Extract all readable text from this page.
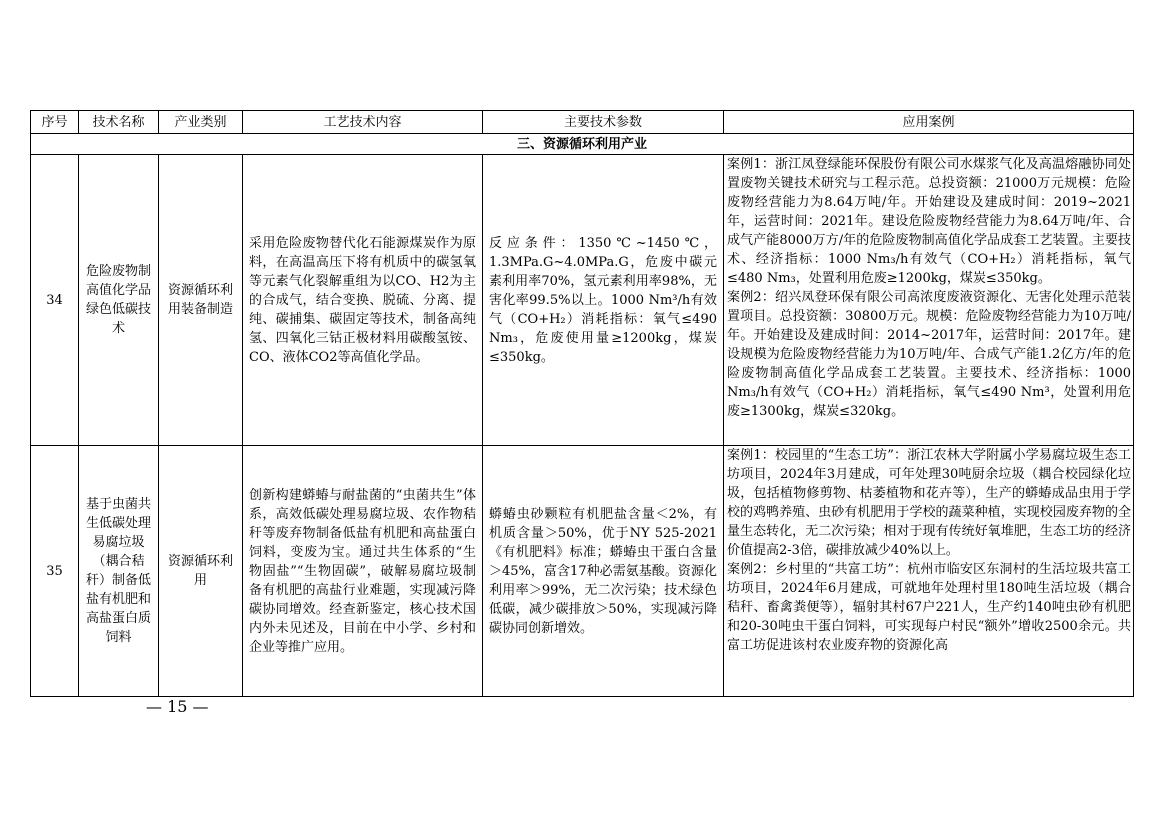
序号	技术名称	产业类别	工艺技术内容	主要技术参数	应用案例
三、资源循环利用产业					
34	危险废物制高值化学品绿色低碳技术	资源循环利用装备制造	采用危险废物替代化石能源煤炭作为原料，在高温高压下将有机质中的碳氢氧等元素气化裂解重组为以CO、H2为主的合成气，结合变换、脱硫、分离、提纯、碳捕集、碳固定等技术，制备高纯氢、四氧化三钴正极材料用碳酸氢铵、CO、液体CO2等高值化学品。	反应条件：1350℃~1450℃，1.3MPa.G~4.0MPa.G，危废中碳元素利用率70%，氢元素利用率98%，无害化率99.5%以上。1000 Nm³/h有效气（CO+H₂）消耗指标：氧气≤490 Nm₃，危废使用量≥1200kg，煤炭≤350kg。	案例1：浙江凤登绿能环保股份有限公司水煤浆气化及高温熔融协同处置废物关键技术研究与工程示范。总投资额：21000万元规模：危险废物经营能力为8.64万吨/年。开始建设及建成时间：2019~2021年，运营时间：2021年。建设危险废物经营能力为8.64万吨/年、合成气产能8000万方/年的危险废物制高值化学品成套工艺装置。主要技术、经济指标：1000 Nm₃/h有效气（CO+H₂）消耗指标，氧气≤480 Nm₃，处置利用危废≥1200kg，煤炭≤350kg。

案例2：绍兴凤登环保有限公司高浓度废液资源化、无害化处理示范装置项目。总投资额：30800万元。规模：危险废物经营能力为10万吨/年。开始建设及建成时间：2014~2017年，运营时间：2017年。建设规模为危险废物经营能力为10万吨/年、合成气产能1.2亿方/年的危险废物制高值化学品成套工艺装置。主要技术、经济指标：1000 Nm₃/h有效气（CO+H₂）消耗指标，氧气≤490 Nm³，处置利用危废≥1300kg，煤炭≤320kg。

35	基于虫菌共生低碳处理易腐垃圾（耦合秸秆）制备低盐有机肥和高盐蛋白质饲料	资源循环利用	创新构建蟒蝽与耐盐菌的“虫菌共生”体系，高效低碳处理易腐垃圾、农作物秸秆等废弃物制备低盐有机肥和高盐蛋白饲料，变废为宝。通过共生体系的“生物固盐”“生物固碳”，破解易腐垃圾制备有机肥的高盐行业难题，实现减污降碳协同增效。经查新鉴定，核心技术国内外未见述及，目前在中小学、乡村和企业等推广应用。	蟒蝽虫砂颗粒有机肥盐含量＜2%，有机质含量＞50%，优于NY 525-2021《有机肥料》标准；蟒蝽虫干蛋白含量＞45%，富含17种必需氨基酸。资源化利用率＞99%，无二次污染；技术绿色低碳，减少碳排放＞50%，实现减污降碳协同创新增效。	案例1：校园里的“生态工坊”：浙江农林大学附属小学易腐垃圾生态工坊项目，2024年3月建成，可年处理30吨厨余垃圾（耦合校园绿化垃圾，包括植物修剪物、枯萎植物和花卉等），生产的蟒蝽成品虫用于学校的鸡鸭养殖、虫砂有机肥用于学校的蔬菜种植，实现校园废弃物的全量生态转化，无二次污染；相对于现有传统好氧堆肥，生态工坊的经济价值提高2-3倍，碳排放减少40%以上。

案例2：乡村里的“共富工坊”：杭州市临安区东洞村的生活垃圾共富工坊项目，2024年6月建成，可就地年处理村里180吨生活垃圾（耦合秸秆、畜禽粪便等），辐射其村67户221人，生产约140吨虫砂有机肥和20-30吨虫干蛋白饲料，可实现每户村民“额外”增收2500余元。共富工坊促进该村农业废弃物的资源化高

— 15 —
